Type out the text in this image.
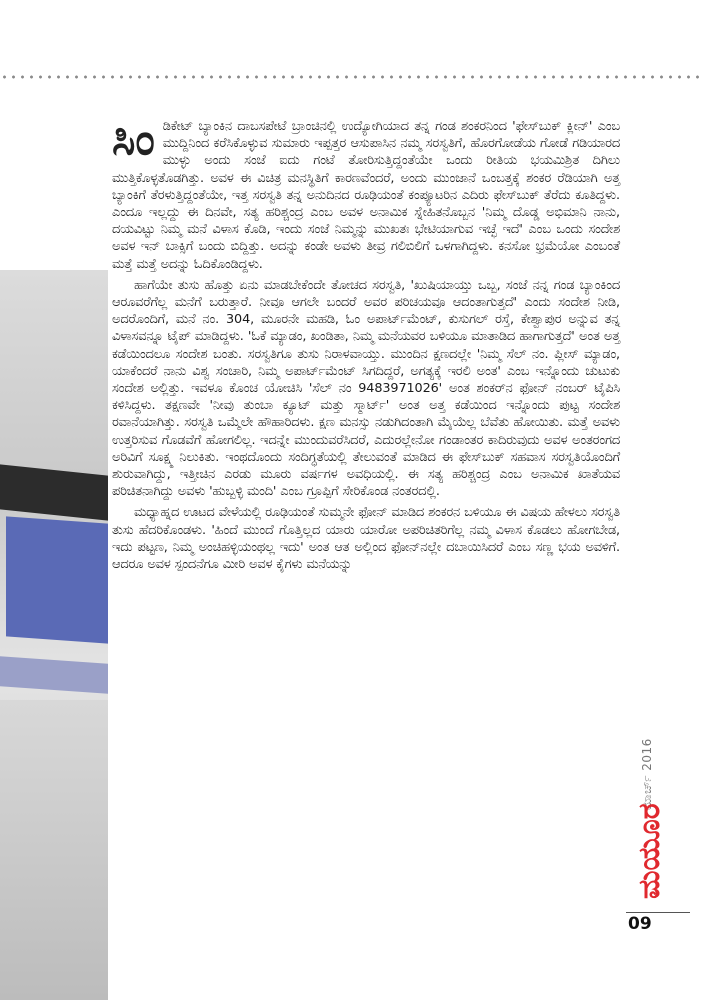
ಸಿಂ ಡಿಕೇಟ್ ಬ್ಯಾಂಕಿನ ದಾಬಸಪೇಟೆ ಬ್ರಾಂಚಿನಲ್ಲಿ ಉದ್ಯೋಗಿಯಾದ ತನ್ನ ಗಂಡ ಶಂಕರನಿಂದ 'ಫೇಸ್‌ಬುಕ್ ಕ್ಲೀನ್' ಎಂಬ ಮುದ್ದಿನಿಂದ ಕರೆಸಿಕೊಳ್ಳುವ ಸುಮಾರು ಇಪ್ಪತ್ತರ ಆಸುಪಾಸಿನ ನಮ್ಮ ಸರಸ್ವತಿಗೆ, ಹೊರಗೋಡೆಯ ಗೋಡೆ ಗಡಿಯಾರದ ಮುಳ್ಳು ಅಂದು ಸಂಜೆ ಐದು ಗಂಟೆ ತೋರಿಸುತ್ತಿದ್ದಂತೆಯೇ ಒಂದು ರೀತಿಯ ಭಯಮಿಶ್ರಿತ ದಿಗಿಲು ಮುತ್ತಿಕೊಳ್ಳತೊಡಗಿತ್ತು. ಅವಳ ಈ ವಿಚಿತ್ರ ಮನಸ್ಥಿತಿಗೆ ಕಾರಣವೆಂದರೆ, ಅಂದು ಮುಂಜಾನೆ ಒಂಬತ್ತಕ್ಕೆ ಶಂಕರ ರೆಡಿಯಾಗಿ ಅತ್ತ ಬ್ಯಾಂಕಿಗೆ ತೆರಳುತ್ತಿದ್ದಂತೆಯೇ, ಇತ್ತ ಸರಸ್ವತಿ ತನ್ನ ಅನುದಿನದ ರೂಢಿಯಂತೆ ಕಂಪ್ಯೂಟರಿನ ಎದಿರು ಫೇಸ್‌ಬುಕ್ ತೆರೆದು ಕೂತಿದ್ದಳು. ಎಂದೂ ಇಲ್ಲದ್ದು ಈ ದಿನವೇ, ಸತ್ಯ ಹರಿಶ್ಚಂದ್ರ ಎಂಬ ಅವಳ ಅನಾಮಿಕ ಸ್ನೇಹಿತನೊಬ್ಬನ 'ನಿಮ್ಮ ದೊಡ್ಡ ಅಭಿಮಾನಿ ನಾನು, ದಯವಿಟ್ಟು ನಿಮ್ಮ ಮನೆ ವಿಳಾಸ ಕೊಡಿ, ಇಂದು ಸಂಜೆ ನಿಮ್ಮನ್ನು ಮುಖತಃ ಭೇಟಿಯಾಗುವ ಇಚ್ಛೆ ಇದೆ' ಎಂಬ ಒಂದು ಸಂದೇಶ ಅವಳ ಇನ್ ಬಾಕ್ಸಿಗೆ ಬಂದು ಬಿದ್ದಿತ್ತು. ಅದನ್ನು ಕಂಡೇ ಅವಳು ತೀವ್ರ ಗಲಿಬಿಲಿಗೆ ಒಳಗಾಗಿದ್ದಳು. ಕನಸೋ ಭ್ರಮೆಯೋ ಎಂಬಂತೆ ಮತ್ತೆ ಮತ್ತೆ ಅದನ್ನು ಓದಿಕೊಂಡಿದ್ದಳು.

ಹಾಗೆಯೇ ತುಸು ಹೊತ್ತು ಏನು ಮಾಡಬೇಕೆಂದೇ ತೋಚದ ಸರಸ್ವತಿ, 'ಖುಷಿಯಾಯ್ತು ಒಬ್ಬ, ಸಂಜೆ ನನ್ನ ಗಂಡ ಬ್ಯಾಂಕಿಂದ ಆರೂವರೆಗೆಲ್ಲ ಮನೆಗೆ ಬರುತ್ತಾರೆ. ನೀವೂ ಆಗಲೇ ಬಂದರೆ ಅವರ ಪರಿಚಯವೂ ಆದಂತಾಗುತ್ತದೆ' ಎಂದು ಸಂದೇಶ ನೀಡಿ, ಅದರೊಂದಿಗೆ, ಮನೆ ನಂ. 304, ಮೂರನೇ ಮಹಡಿ, ಓಂ ಅಪಾರ್ಟ್‌ಮೆಂಟ್, ಕುಸುಗಲ್ ರಸ್ತೆ, ಕೇಶ್ವಾಪುರ ಅನ್ನುವ ತನ್ನ ವಿಳಾಸವನ್ನೂ ಟೈಪ್ ಮಾಡಿದ್ದಳು. 'ಓಕೆ ಮ್ಯಾಡಂ, ಖಂಡಿತಾ, ನಿಮ್ಮ ಮನೆಯವರ ಬಳಿಯೂ ಮಾತಾಡಿದ ಹಾಗಾಗುತ್ತದೆ' ಅಂತ ಅತ್ತ ಕಡೆಯಿಂದಲೂ ಸಂದೇಶ ಬಂತು. ಸರಸ್ವತಿಗೂ ತುಸು ನಿರಾಳವಾಯ್ತು. ಮುಂದಿನ ಕ್ಷಣದಲ್ಲೇ 'ನಿಮ್ಮ ಸೆಲ್ ನಂ. ಪ್ಲೀಸ್ ಮ್ಯಾಡಂ, ಯಾಕೆಂದರೆ ನಾನು ವಿಶ್ವ ಸಂಚಾರಿ, ನಿಮ್ಮ ಅಪಾರ್ಟ್‌ಮೆಂಟ್ ಸಿಗದಿದ್ದರೆ, ಅಗತ್ಯಕ್ಕೆ ಇರಲಿ ಅಂತ' ಎಂಬ ಇನ್ನೊಂದು ಚುಟುಕು ಸಂದೇಶ ಅಲ್ಲಿತ್ತು. ಇವಳೂ ಕೊಂಚ ಯೋಚಿಸಿ 'ಸೆಲ್ ನಂ 9483971026' ಅಂತ ಶಂಕರ್‌ನ ಫೋನ್ ನಂಬರ್ ಟೈಪಿಸಿ ಕಳಿಸಿದ್ದಳು. ತಕ್ಷಣವೇ 'ನೀವು ತುಂಬಾ ಕ್ಯೂಟ್ ಮತ್ತು ಸ್ಮಾರ್ಟ್' ಅಂತ ಅತ್ತ ಕಡೆಯಿಂದ ಇನ್ನೊಂದು ಪುಟ್ಟ ಸಂದೇಶ ರವಾನೆಯಾಗಿತ್ತು. ಸರಸ್ವತಿ ಒಮ್ಮೆಲೇ ಹೌಹಾರಿದಳು. ಕ್ಷಣ ಮನಸ್ಸು ನಡುಗಿದಂತಾಗಿ ಮೈಯೆಲ್ಲ ಬೆವೆತು ಹೋಯಿತು. ಮತ್ತೆ ಅವಳು ಉತ್ತರಿಸುವ ಗೊಡವೆಗೆ ಹೋಗಲಿಲ್ಲ. ಇದನ್ನೇ ಮುಂದುವರೆಸಿದರೆ, ಎದುರಲ್ಲೇನೋ ಗಂಡಾಂತರ ಕಾದಿರುವುದು ಅವಳ ಅಂತರಂಗದ ಅರಿವಿಗೆ ಸೂಕ್ಷ್ಮ ನಿಲುಕಿತು. ಇಂಥದೊಂದು ಸಂದಿಗ್ಧತೆಯಲ್ಲಿ ತೇಲುವಂತೆ ಮಾಡಿದ ಈ ಫೇಸ್‌ಬುಕ್ ಸಹವಾಸ ಸರಸ್ವತಿಯೊಂದಿಗೆ ಶುರುವಾಗಿದ್ದು, ಇತ್ತೀಚಿನ ಎರಡು ಮೂರು ವರ್ಷಗಳ ಅವಧಿಯಲ್ಲಿ. ಈ ಸತ್ಯ ಹರಿಶ್ಚಂದ್ರ ಎಂಬ ಅನಾಮಿಕ ಖಾತೆಯವ ಪರಿಚಿತನಾಗಿದ್ದು ಅವಳು 'ಹುಬ್ಬಳ್ಳಿ ಮಂದಿ' ಎಂಬ ಗ್ರೂಪ್ಪಿಗೆ ಸೇರಿಕೊಂಡ ನಂತರದಲ್ಲಿ.

ಮಧ್ಯಾಹ್ನದ ಊಟದ ವೇಳೆಯಲ್ಲಿ ರೂಢಿಯಂತೆ ಸುಮ್ಮನೇ ಫೋನ್ ಮಾಡಿದ ಶಂಕರನ ಬಳಿಯೂ ಈ ವಿಷಯ ಹೇಳಲು ಸರಸ್ವತಿ ತುಸು ಹೆದರಿಕೊಂಡಳು. 'ಹಿಂದೆ ಮುಂದೆ ಗೊತ್ತಿಲ್ಲದ ಯಾರು ಯಾರೋ ಅಪರಿಚಿತರಿಗೆಲ್ಲ ನಮ್ಮ ವಿಳಾಸ ಕೊಡಲು ಹೋಗಬೇಡ, ಇದು ಪಟ್ಟಣ, ನಿಮ್ಮ ಅಂಚಿಹಳ್ಳಿಯಂಥಲ್ಲ ಇದು' ಅಂತ ಆತ ಅಲ್ಲಿಂದ ಫೋನ್‌ನಲ್ಲೇ ದಬಾಯಿಸಿದರೆ ಎಂಬ ಸಣ್ಣ ಭಯ ಅವಳಿಗೆ. ಆದರೂ ಅವಳ ಸ್ಪಂದನೆಗೂ ಮೀರಿ ಅವಳ ಕೈಗಳು ಮನೆಯನ್ನು

ಮಾರ್ಚ್ 2016
ಮಯೂರ
09
